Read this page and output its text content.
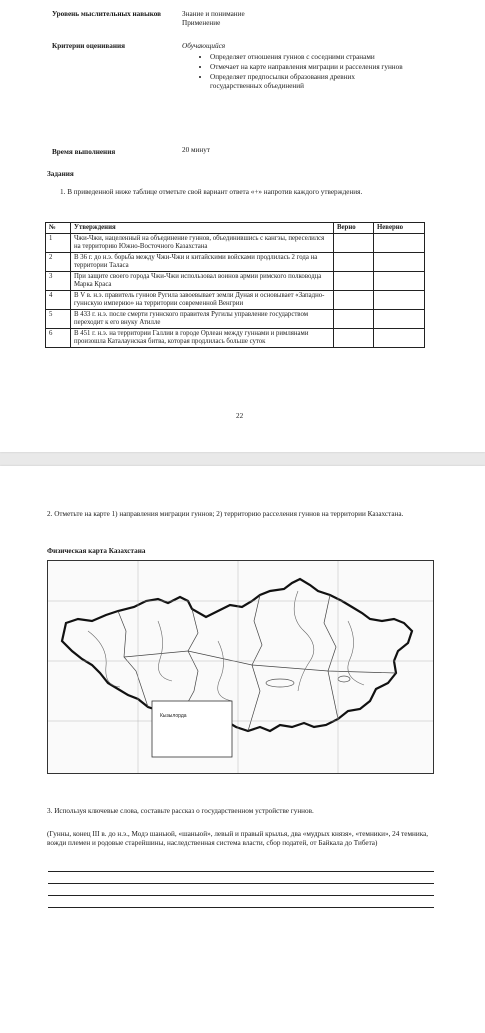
Уровень мыслительных навыков	Знание и понимание
Применение
Критерии оценивания	Обучающийся
• Определяет отношения гуннов с соседними странами
• Отмечает на карте направления миграции и расселения гуннов
• Определяет предпосылки образования древних государственных объединений
Время выполнения	20 минут
Задания
1. В приведенной ниже таблице отметьте свой вариант ответа «+» напротив каждого утверждения.
№	Утверждения	Верно	Неверно
1	Чжи-Чжи, нацеленный на объединение гуннов, объединившись с кангэы, переселился на территорию Южно-Восточного Казахстана		
2	В 36 г. до н.э. борьба между Чжи-Чжи и китайскими войсками продлилась 2 года на территории Таласа		
3	При защите своего города Чжи-Чжи использовал воинов армии римского полководца Марка Краса		
4	В V в. н.э. правитель гуннов Ругила завоевывает земли Дуная и основывает «Западно-гуннскую империю» на территории современной Венгрии		
5	В 433 г. н.э. после смерти гуннского правителя Ругилы управление государством переходит к его внуку Атилле		
6	В 451 г. н.э. на территории Галлии в городе Орлеан между гуннами и римлянами произошла Каталаунская битва, которая продлилась больше суток		
22
2. Отметьте на карте 1) направления миграции гуннов; 2) территорию расселения гуннов на территории Казахстана.
Физическая карта Казахстана
Кызылорда
3. Используя ключевые слова, составьте рассказ о государственном устройстве гуннов.
(Гунны, конец III в. до н.э., Модэ шаньюй, «шаньюй», левый и правый крылья, два «мудрых князя», «темники», 24 темника, вожди племен и родовые старейшины, наследственная система власти, сбор податей, от Байкала до Тибета)
